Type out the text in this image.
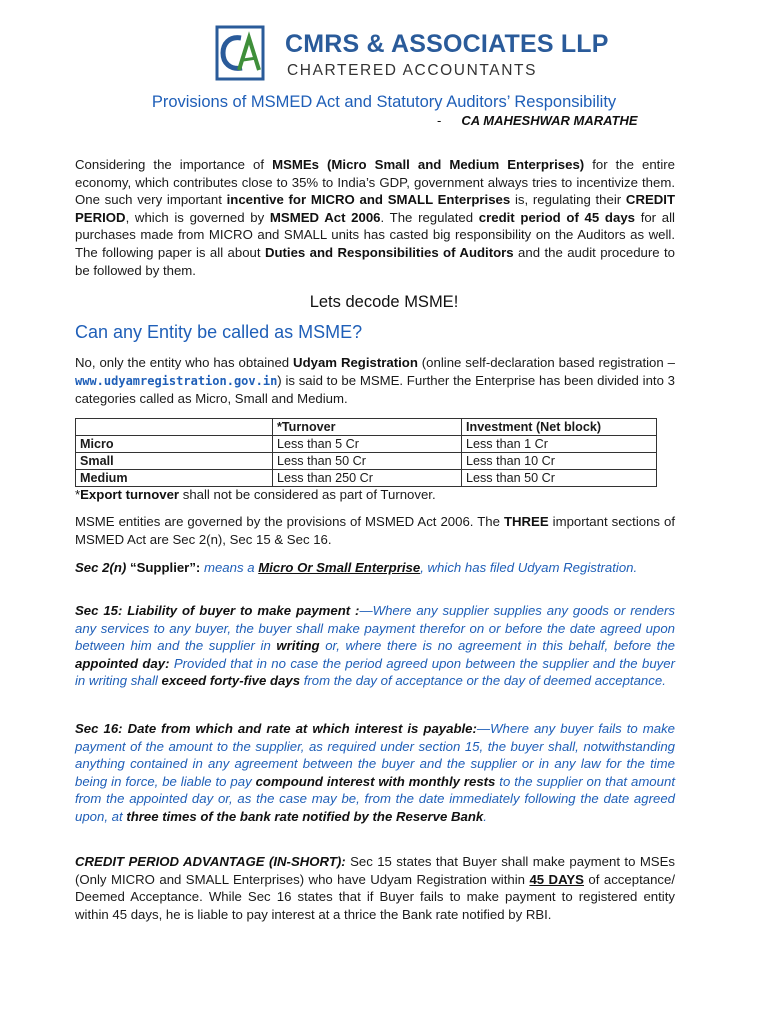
CMRS & ASSOCIATES LLP
CHARTERED ACCOUNTANTS
Provisions of MSMED Act and Statutory Auditors’ Responsibility
- CA MAHESHWAR MARATHE
Considering the importance of MSMEs (Micro Small and Medium Enterprises) for the entire economy, which contributes close to 35% to India’s GDP, government always tries to incentivize them. One such very important incentive for MICRO and SMALL Enterprises is, regulating their CREDIT PERIOD, which is governed by MSMED Act 2006. The regulated credit period of 45 days for all purchases made from MICRO and SMALL units has casted big responsibility on the Auditors as well. The following paper is all about Duties and Responsibilities of Auditors and the audit procedure to be followed by them.
Lets decode MSME!
Can any Entity be called as MSME?
No, only the entity who has obtained Udyam Registration (online self-declaration based registration – www.udyamregistration.gov.in) is said to be MSME. Further the Enterprise has been divided into 3 categories called as Micro, Small and Medium.
	*Turnover	Investment (Net block)
Micro	Less than 5 Cr	Less than 1 Cr
Small	Less than 50 Cr	Less than 10 Cr
Medium	Less than 250 Cr	Less than 50 Cr
*Export turnover shall not be considered as part of Turnover.
MSME entities are governed by the provisions of MSMED Act 2006. The THREE important sections of MSMED Act are Sec 2(n), Sec 15 & Sec 16.
Sec 2(n) “Supplier”: means a Micro Or Small Enterprise, which has filed Udyam Registration.
Sec 15: Liability of buyer to make payment :—Where any supplier supplies any goods or renders any services to any buyer, the buyer shall make payment therefor on or before the date agreed upon between him and the supplier in writing or, where there is no agreement in this behalf, before the appointed day: Provided that in no case the period agreed upon between the supplier and the buyer in writing shall exceed forty-five days from the day of acceptance or the day of deemed acceptance.
Sec 16: Date from which and rate at which interest is payable:—Where any buyer fails to make payment of the amount to the supplier, as required under section 15, the buyer shall, notwithstanding anything contained in any agreement between the buyer and the supplier or in any law for the time being in force, be liable to pay compound interest with monthly rests to the supplier on that amount from the appointed day or, as the case may be, from the date immediately following the date agreed upon, at three times of the bank rate notified by the Reserve Bank.
CREDIT PERIOD ADVANTAGE (IN-SHORT): Sec 15 states that Buyer shall make payment to MSEs (Only MICRO and SMALL Enterprises) who have Udyam Registration within 45 DAYS of acceptance/ Deemed Acceptance. While Sec 16 states that if Buyer fails to make payment to registered entity within 45 days, he is liable to pay interest at a thrice the Bank rate notified by RBI.
